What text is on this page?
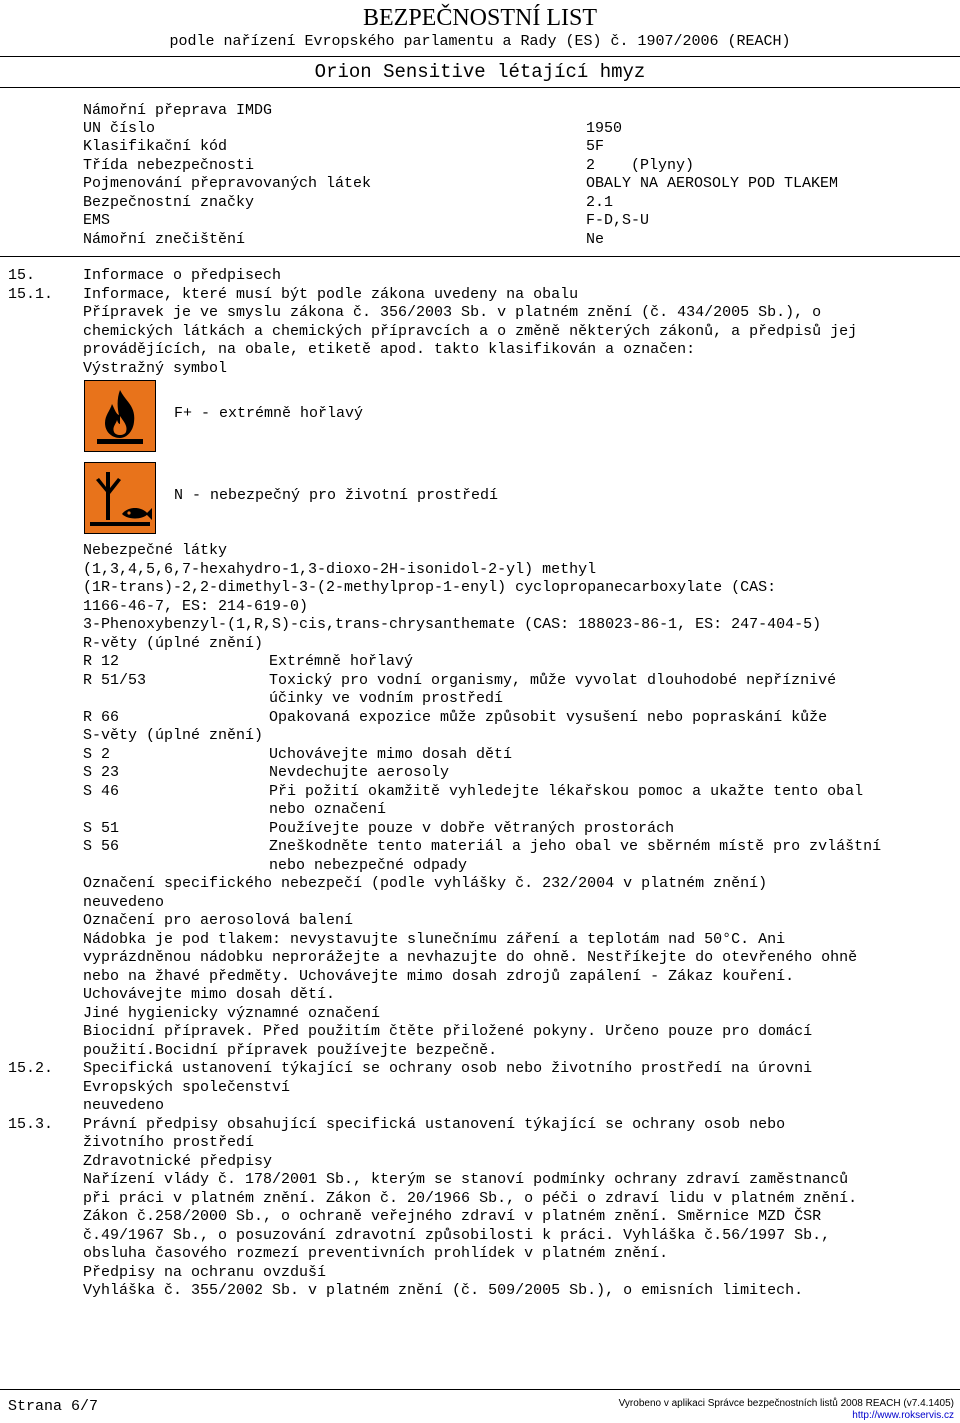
BEZPEČNOSTNÍ LIST
podle nařízení Evropského parlamentu a Rady (ES) č. 1907/2006 (REACH)
Orion Sensitive létající hmyz
Námořní přeprava IMDG
UN číslo	1950
Klasifikační kód	5F
Třída nebezpečnosti	2    (Plyny)
Pojmenování přepravovaných látek	OBALY NA AEROSOLY POD TLAKEM
Bezpečnostní značky	2.1
EMS	F-D,S-U
Námořní znečištění	Ne
15.	Informace o předpisech
15.1. Informace, které musí být podle zákona uvedeny na obalu
Přípravek je ve smyslu zákona č. 356/2003 Sb. v platném znění (č. 434/2005 Sb.), o
chemických látkách a chemických přípravcích a o změně některých zákonů, a předpisů jej
provádějících, na obale, etiketě apod. takto klasifikován a označen:
Výstražný symbol
F+ - extrémně hořlavý
N - nebezpečný pro životní prostředí
Nebezpečné látky
(1,3,4,5,6,7-hexahydro-1,3-dioxo-2H-isonidol-2-yl) methyl
(1R-trans)-2,2-dimethyl-3-(2-methylprop-1-enyl) cyclopropanecarboxylate (CAS:
1166-46-7, ES: 214-619-0)
3-Phenoxybenzyl-(1,R,S)-cis,trans-chrysanthemate (CAS: 188023-86-1, ES: 247-404-5)
R-věty (úplné znění)
R 12	Extrémně hořlavý
R 51/53	Toxický pro vodní organismy, může vyvolat dlouhodobé nepříznivé
účinky ve vodním prostředí
R 66	Opakovaná expozice může způsobit vysušení nebo popraskání kůže
S-věty (úplné znění)
S 2	Uchovávejte mimo dosah dětí
S 23	Nevdechujte aerosoly
S 46	Při požití okamžitě vyhledejte lékařskou pomoc a ukažte tento obal
nebo označení
S 51	Používejte pouze v dobře větraných prostorách
S 56	Zneškodněte tento materiál a jeho obal ve sběrném místě pro zvláštní
nebo nebezpečné odpady
Označení specifického nebezpečí (podle vyhlášky č. 232/2004 v platném znění)
neuvedeno
Označení pro aerosolová balení
Nádobka je pod tlakem: nevystavujte slunečnímu záření a teplotám nad 50°C. Ani
vyprázdněnou nádobku neprorážejte a nevhazujte do ohně. Nestříkejte do otevřeného ohně
nebo na žhavé předměty. Uchovávejte mimo dosah zdrojů zapálení - Zákaz kouření.
Uchovávejte mimo dosah dětí.
Jiné hygienicky významné označení
Biocidní přípravek. Před použitím čtěte přiložené pokyny. Určeno pouze pro domácí
použití.Bocidní přípravek používejte bezpečně.
15.2. Specifická ustanovení týkající se ochrany osob nebo životního prostředí na úrovni
Evropských společenství
neuvedeno
15.3. Právní předpisy obsahující specifická ustanovení týkající se ochrany osob nebo
životního prostředí
Zdravotnické předpisy
Nařízení vlády č. 178/2001 Sb., kterým se stanoví podmínky ochrany zdraví zaměstnanců
při práci v platném znění. Zákon č. 20/1966 Sb., o péči o zdraví lidu v platném znění.
Zákon č.258/2000 Sb., o ochraně veřejného zdraví v platném znění. Směrnice MZD ČSR
č.49/1967 Sb., o posuzování zdravotní způsobilosti k práci. Vyhláška č.56/1997 Sb.,
obsluha časového rozmezí preventivních prohlídek v platném znění.
Předpisy na ochranu ovzduší
Vyhláška č. 355/2002 Sb. v platném znění (č. 509/2005 Sb.), o emisních limitech.
Strana 6/7	Vyrobeno v aplikaci Správce bezpečnostních listů 2008 REACH (v7.4.1405)
http://www.rokservis.cz
